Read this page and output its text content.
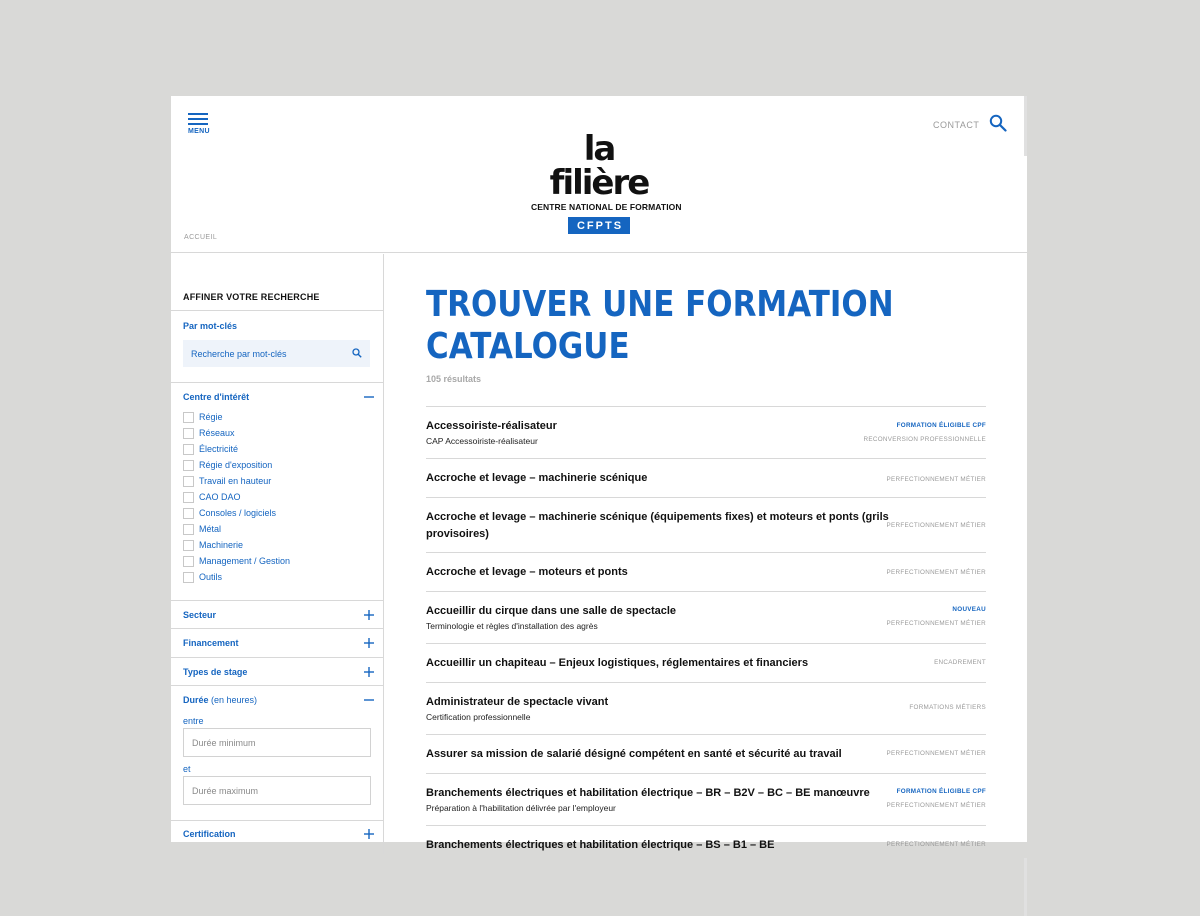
MENU	la filière
CENTRE NATIONAL DE FORMATION
CFPTS
CONTACT
ACCUEIL
AFFINER VOTRE RECHERCHE
Par mot-clés
Recherche par mot-clés
Centre d'intérêt
Régie
Réseaux
Électricité
Régie d'exposition
Travail en hauteur
CAO DAO
Consoles / logiciels
Métal
Machinerie
Management / Gestion
Outils
Secteur
Financement
Types de stage
Durée (en heures)
entre
Durée minimum
et
Durée maximum
Certification
TROUVER UNE FORMATION
CATALOGUE
105 résultats
Accessoiriste-réalisateur
CAP Accessoiriste-réalisateur
FORMATION ÉLIGIBLE CPF
RECONVERSION PROFESSIONNELLE
Accroche et levage – machinerie scénique	PERFECTIONNEMENT MÉTIER
Accroche et levage – machinerie scénique (équipements fixes) et moteurs et ponts (grils
provisoires)
PERFECTIONNEMENT MÉTIER
Accroche et levage – moteurs et ponts	PERFECTIONNEMENT MÉTIER
Accueillir du cirque dans une salle de spectacle
Terminologie et règles d'installation des agrès
NOUVEAU
PERFECTIONNEMENT MÉTIER
Accueillir un chapiteau – Enjeux logistiques, réglementaires et financiers	ENCADREMENT
Administrateur de spectacle vivant
Certification professionnelle
FORMATIONS MÉTIERS
Assurer sa mission de salarié désigné compétent en santé et sécurité au travail	PERFECTIONNEMENT MÉTIER
Branchements électriques et habilitation électrique – BR – B2V – BC – BE manœuvre
Préparation à l'habilitation délivrée par l'employeur
FORMATION ÉLIGIBLE CPF
PERFECTIONNEMENT MÉTIER
Branchements électriques et habilitation électrique – BS – B1 – BE	PERFECTIONNEMENT MÉTIER
